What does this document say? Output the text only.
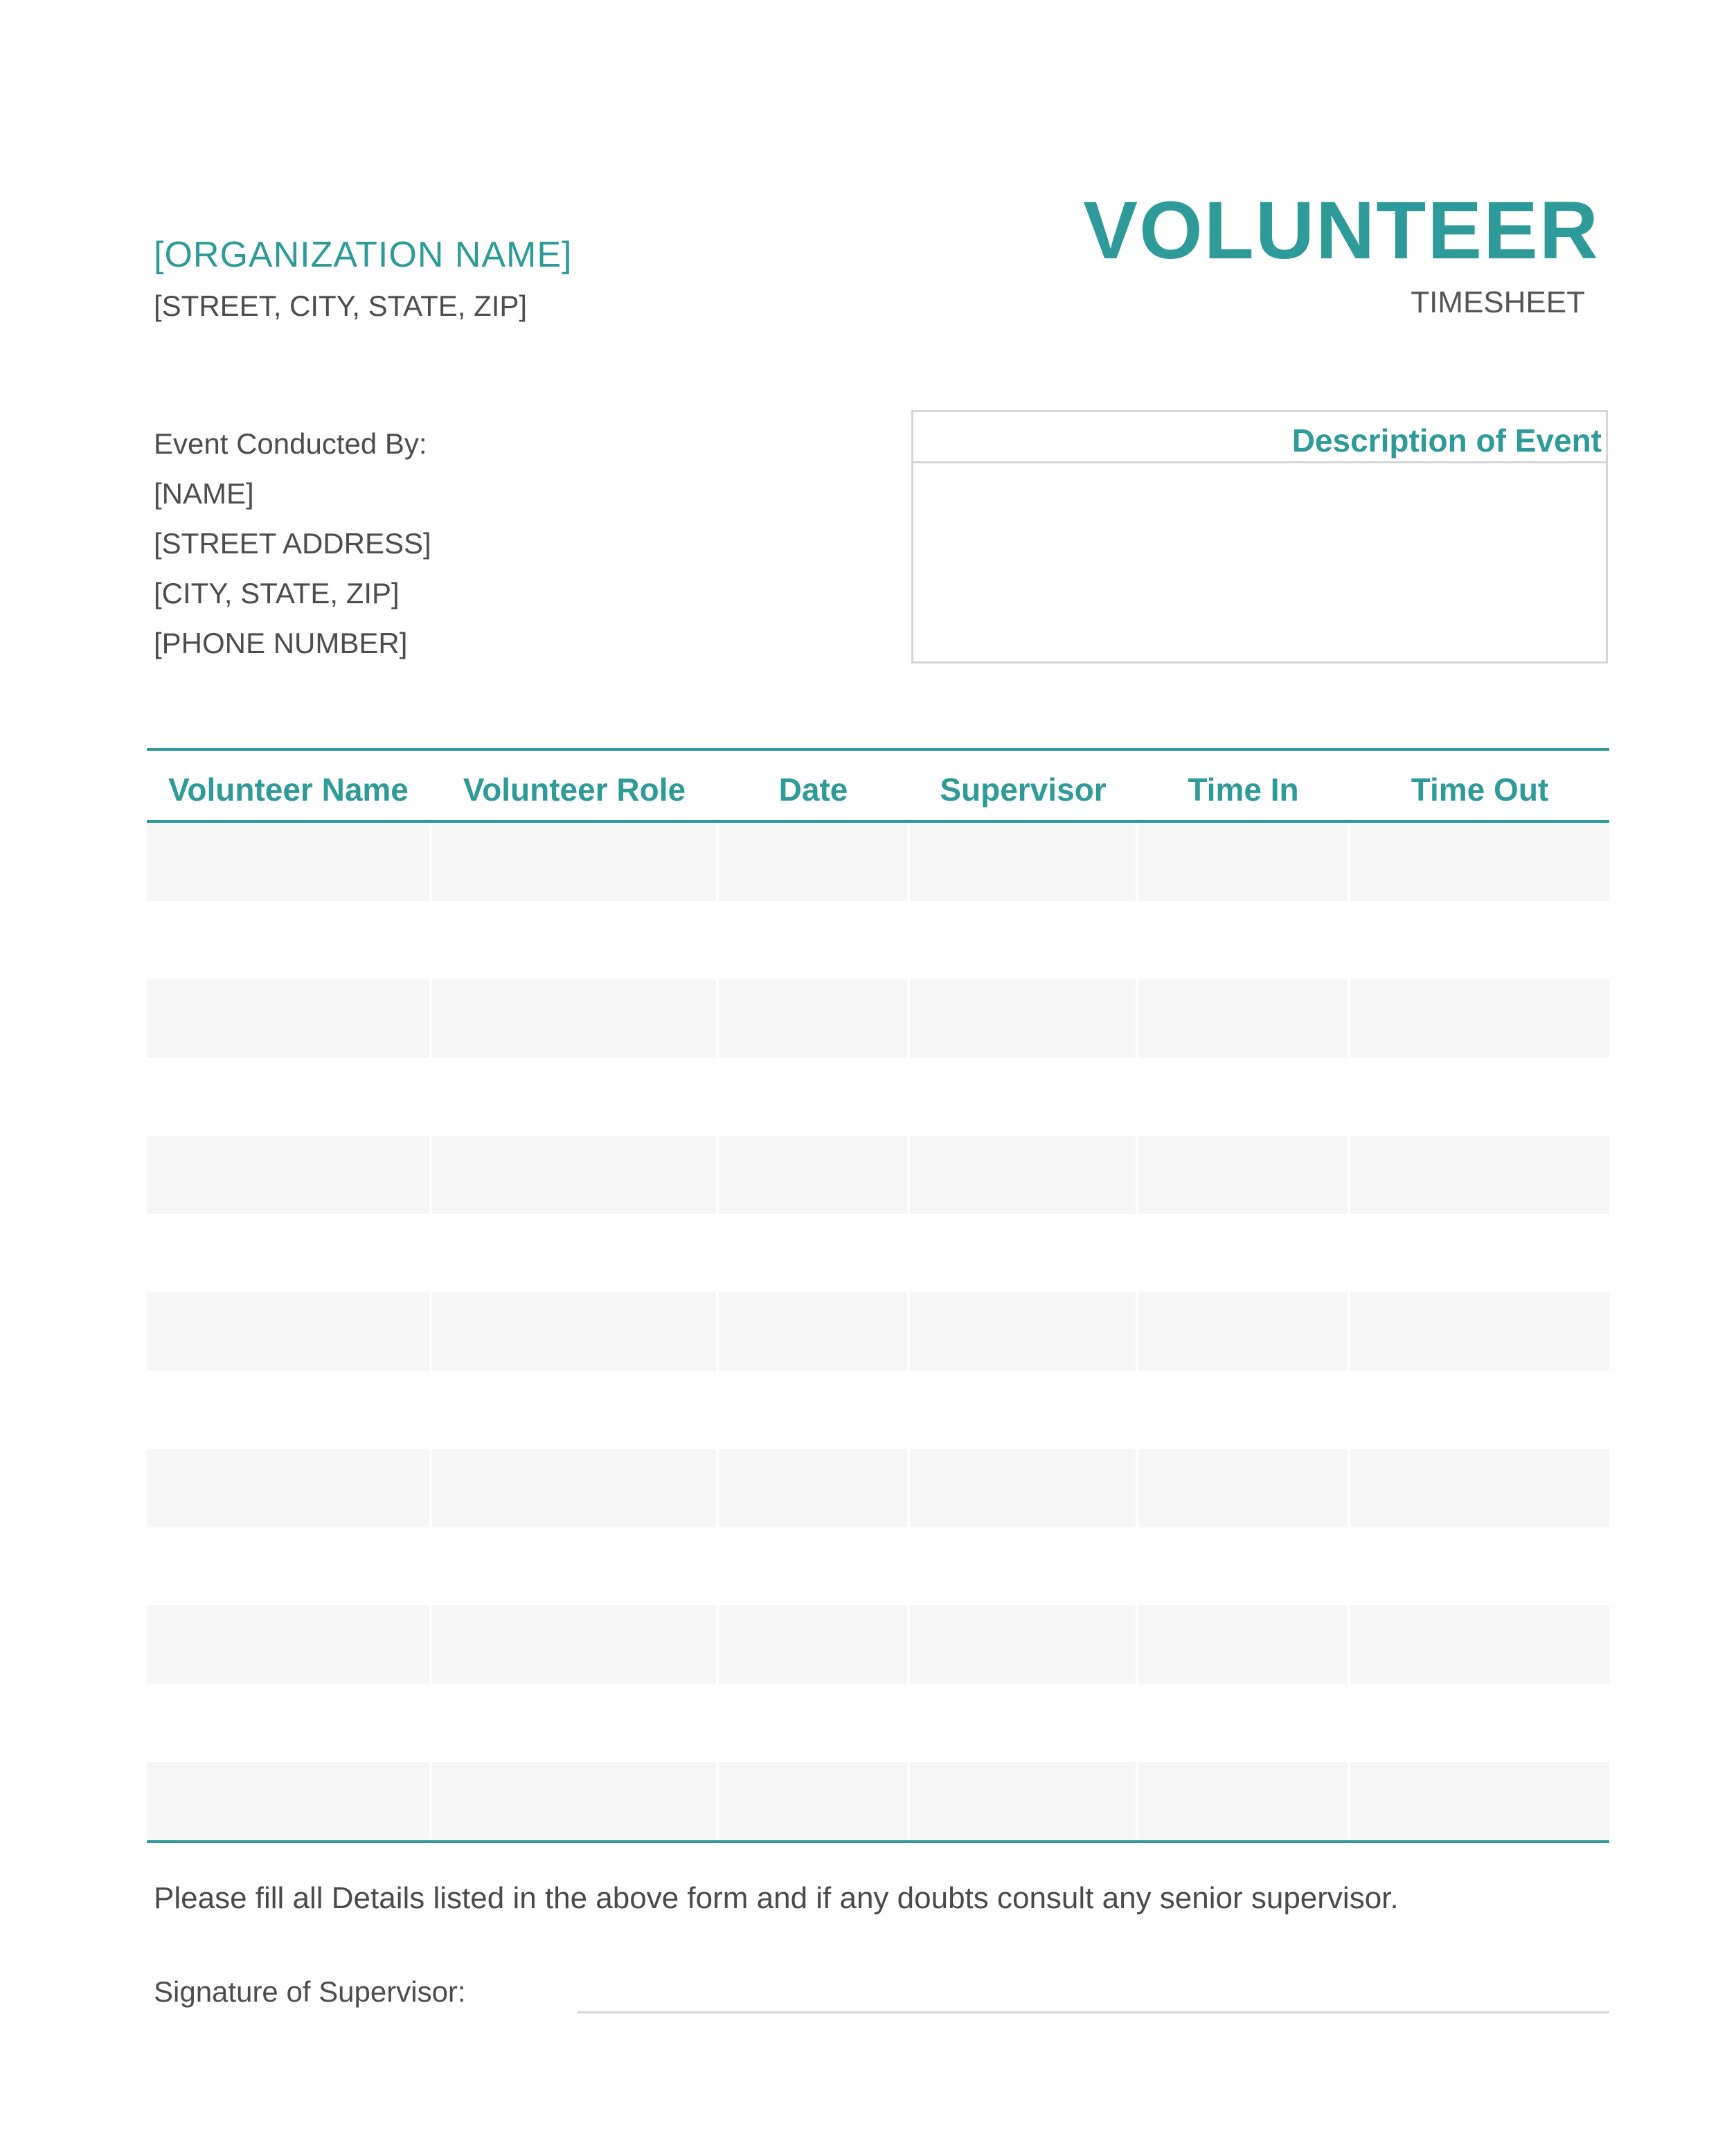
[ORGANIZATION NAME]
[STREET, CITY, STATE, ZIP]
VOLUNTEER
TIMESHEET
Event Conducted By:
[NAME]
[STREET ADDRESS]
[CITY, STATE, ZIP]
[PHONE NUMBER]
Description of Event
Volunteer Name	Volunteer Role	Date	Supervisor	Time In	Time Out
Please fill all Details listed in the above form and if any doubts consult any senior supervisor.
Signature of Supervisor:
